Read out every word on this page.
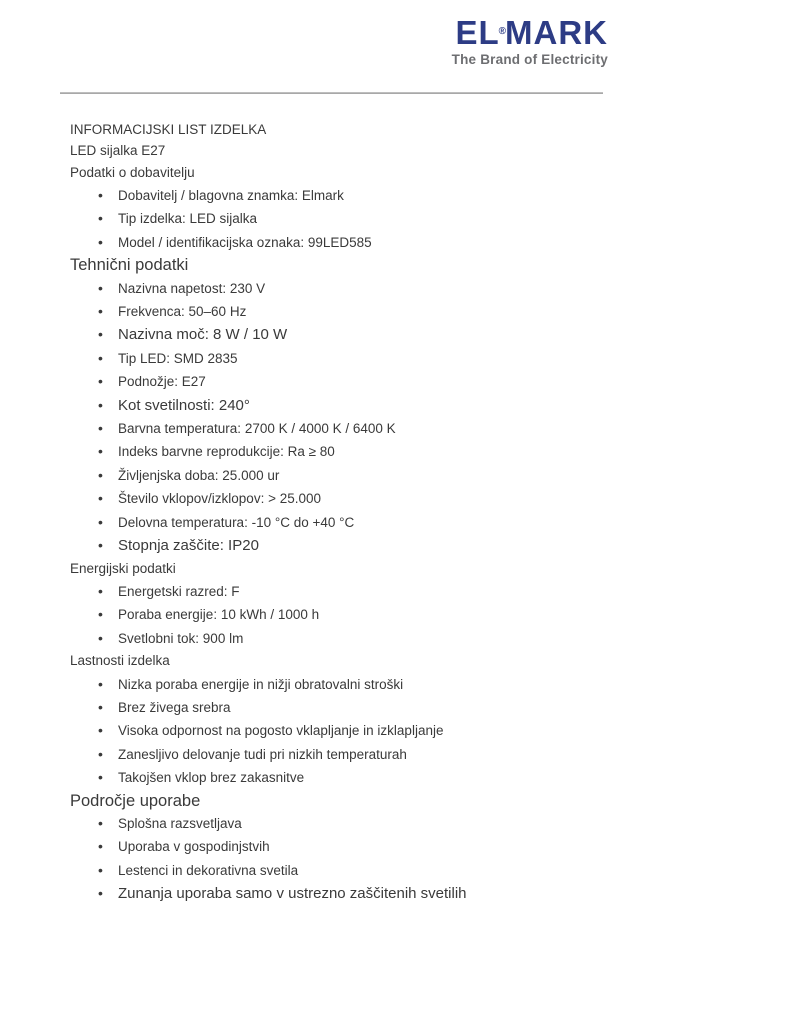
EL®MARK
The Brand of Electricity
INFORMACIJSKI LIST IZDELKA
LED sijalka E27
Podatki o dobavitelju
•	Dobavitelj / blagovna znamka: Elmark
•	Tip izdelka: LED sijalka
•	Model / identifikacijska oznaka: 99LED585
Tehnični podatki
•	Nazivna napetost: 230 V
•	Frekvenca: 50–60 Hz
•	Nazivna moč: 8 W / 10 W
•	Tip LED: SMD 2835
•	Podnožje: E27
•	Kot svetilnosti: 240°
•	Barvna temperatura: 2700 K / 4000 K / 6400 K
•	Indeks barvne reprodukcije: Ra ≥ 80
•	Življenjska doba: 25.000 ur
•	Število vklopov/izklopov: > 25.000
•	Delovna temperatura: -10 °C do +40 °C
•	Stopnja zaščite: IP20
Energijski podatki
•	Energetski razred: F
•	Poraba energije: 10 kWh / 1000 h
•	Svetlobni tok: 900 lm
Lastnosti izdelka
•	Nizka poraba energije in nižji obratovalni stroški
•	Brez živega srebra
•	Visoka odpornost na pogosto vklapljanje in izklapljanje
•	Zanesljivo delovanje tudi pri nizkih temperaturah
•	Takojšen vklop brez zakasnitve
Področje uporabe
•	Splošna razsvetljava
•	Uporaba v gospodinjstvih
•	Lestenci in dekorativna svetila
•	Zunanja uporaba samo v ustrezno zaščitenih svetilih
